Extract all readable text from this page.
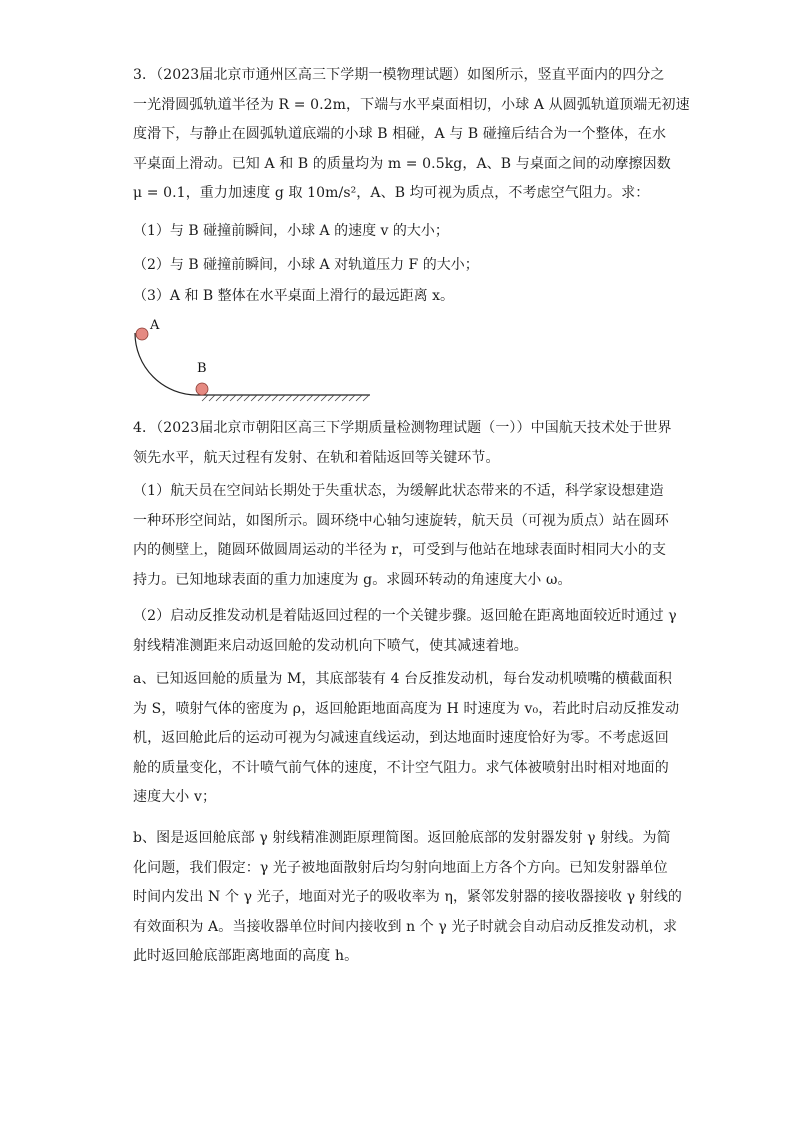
3．（2023届北京市通州区高三下学期一模物理试题）如图所示，竖直平面内的四分之
一光滑圆弧轨道半径为 R = 0.2m，下端与水平桌面相切，小球 A 从圆弧轨道顶端无初速
度滑下，与静止在圆弧轨道底端的小球 B 相碰，A 与 B 碰撞后结合为一个整体，在水
平桌面上滑动。已知 A 和 B 的质量均为 m = 0.5kg，A、B 与桌面之间的动摩擦因数
μ = 0.1，重力加速度 g 取 10m/s²，A、B 均可视为质点，不考虑空气阻力。求：
（1）与 B 碰撞前瞬间，小球 A 的速度 v 的大小；
（2）与 B 碰撞前瞬间，小球 A 对轨道压力 F 的大小；
（3）A 和 B 整体在水平桌面上滑行的最远距离 x。
A
B
4．（2023届北京市朝阳区高三下学期质量检测物理试题（一））中国航天技术处于世界
领先水平，航天过程有发射、在轨和着陆返回等关键环节。
（1）航天员在空间站长期处于失重状态，为缓解此状态带来的不适，科学家设想建造
一种环形空间站，如图所示。圆环绕中心轴匀速旋转，航天员（可视为质点）站在圆环
内的侧壁上，随圆环做圆周运动的半径为 r，可受到与他站在地球表面时相同大小的支
持力。已知地球表面的重力加速度为 g。求圆环转动的角速度大小 ω。
（2）启动反推发动机是着陆返回过程的一个关键步骤。返回舱在距离地面较近时通过 γ
射线精准测距来启动返回舱的发动机向下喷气，使其减速着地。
a、已知返回舱的质量为 M，其底部装有 4 台反推发动机，每台发动机喷嘴的横截面积
为 S，喷射气体的密度为 ρ，返回舱距地面高度为 H 时速度为 v₀，若此时启动反推发动
机，返回舱此后的运动可视为匀减速直线运动，到达地面时速度恰好为零。不考虑返回
舱的质量变化，不计喷气前气体的速度，不计空气阻力。求气体被喷射出时相对地面的
速度大小 v；
b、图是返回舱底部 γ 射线精准测距原理简图。返回舱底部的发射器发射 γ 射线。为简
化问题，我们假定：γ 光子被地面散射后均匀射向地面上方各个方向。已知发射器单位
时间内发出 N 个 γ 光子，地面对光子的吸收率为 η，紧邻发射器的接收器接收 γ 射线的
有效面积为 A。当接收器单位时间内接收到 n 个 γ 光子时就会自动启动反推发动机，求
此时返回舱底部距离地面的高度 h。
